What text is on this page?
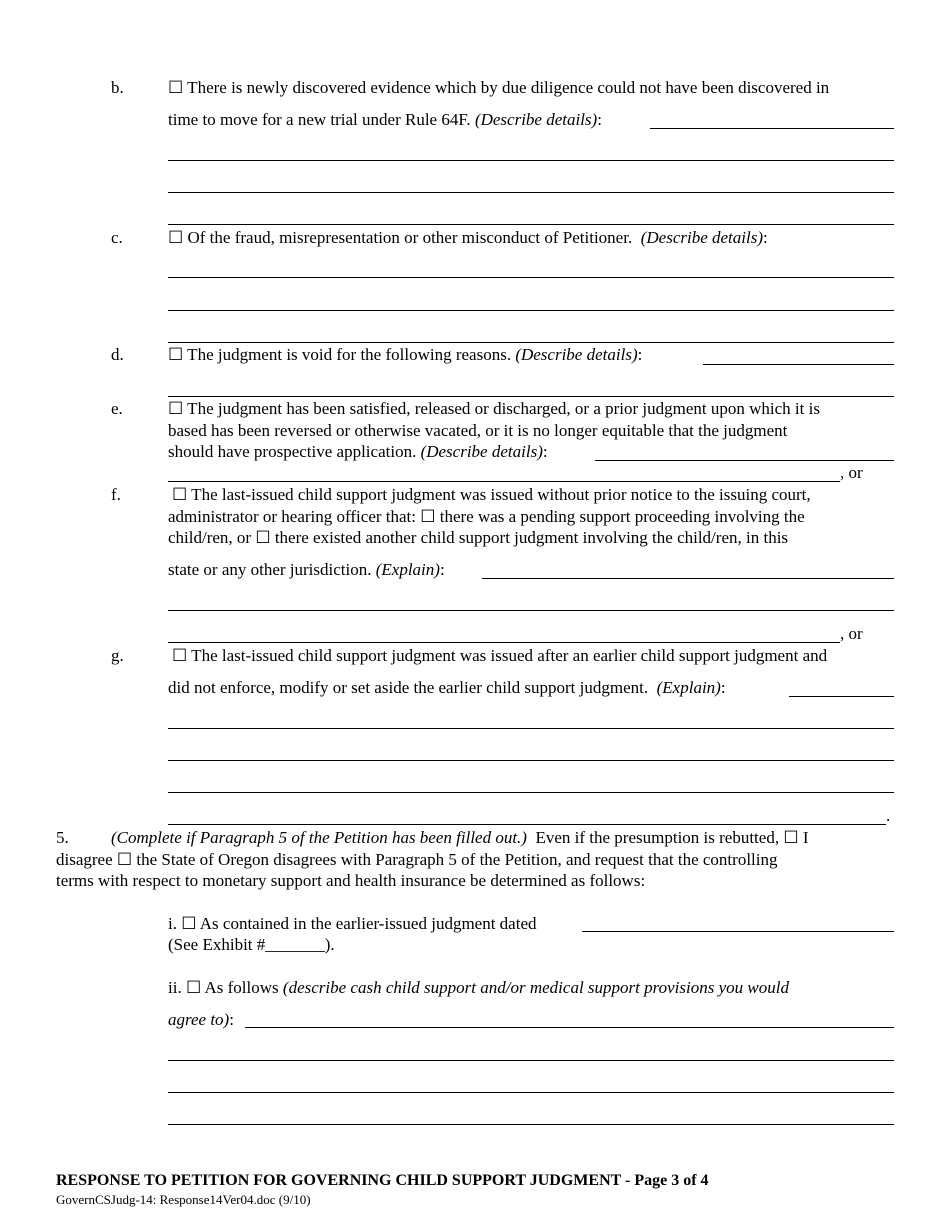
b.	☐ There is newly discovered evidence which by due diligence could not have been discovered in
time to move for a new trial under Rule 64F. (Describe details):
c.	☐ Of the fraud, misrepresentation or other misconduct of Petitioner. (Describe details):
d.	☐ The judgment is void for the following reasons. (Describe details):
e.	☐ The judgment has been satisfied, released or discharged, or a prior judgment upon which it is
based has been reversed or otherwise vacated, or it is no longer equitable that the judgment
should have prospective application. (Describe details):
, or
f.	☐ The last-issued child support judgment was issued without prior notice to the issuing court,
administrator or hearing officer that: ☐ there was a pending support proceeding involving the
child/ren, or ☐ there existed another child support judgment involving the child/ren, in this
state or any other jurisdiction. (Explain):
, or
g.	☐ The last-issued child support judgment was issued after an earlier child support judgment and
did not enforce, modify or set aside the earlier child support judgment. (Explain):
.
5. (Complete if Paragraph 5 of the Petition has been filled out.) Even if the presumption is rebutted, ☐ I
disagree ☐ the State of Oregon disagrees with Paragraph 5 of the Petition, and request that the controlling
terms with respect to monetary support and health insurance be determined as follows:
i. ☐ As contained in the earlier-issued judgment dated
(See Exhibit #_______).
ii. ☐ As follows (describe cash child support and/or medical support provisions you would
agree to):
RESPONSE TO PETITION FOR GOVERNING CHILD SUPPORT JUDGMENT - Page 3 of 4
GovernCSJudg-14: Response14Ver04.doc (9/10)
